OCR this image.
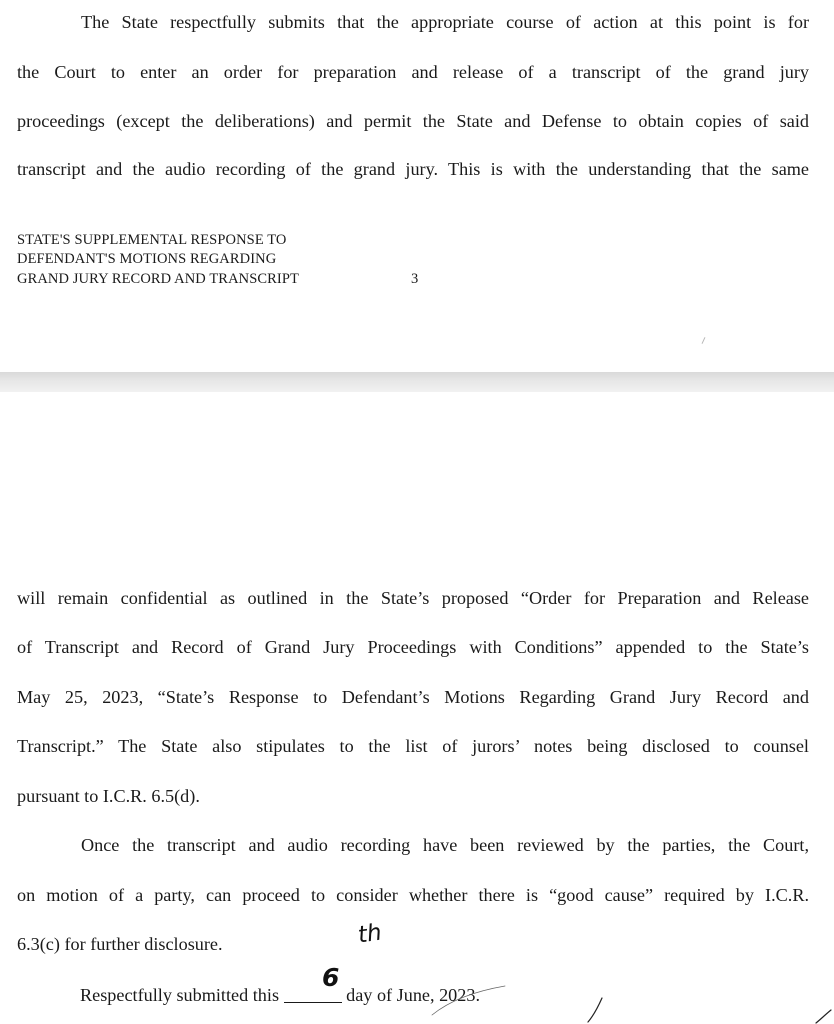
The State respectfully submits that the appropriate course of action at this point is for
the Court to enter an order for preparation and release of a transcript of the grand jury
proceedings (except the deliberations) and permit the State and Defense to obtain copies of said
transcript and the audio recording of the grand jury. This is with the understanding that the same
STATE'S SUPPLEMENTAL RESPONSE TO
DEFENDANT'S MOTIONS REGARDING
GRAND JURY RECORD AND TRANSCRIPT	3
will remain confidential as outlined in the State’s proposed “Order for Preparation and Release
of Transcript and Record of Grand Jury Proceedings with Conditions” appended to the State’s
May 25, 2023, “State’s Response to Defendant’s Motions Regarding Grand Jury Record and
Transcript.” The State also stipulates to the list of jurors’ notes being disclosed to counsel
pursuant to I.C.R. 6.5(d).
Once the transcript and audio recording have been reviewed by the parties, the Court,
on motion of a party, can proceed to consider whether there is “good cause” required by I.C.R.
6.3(c) for further disclosure.
Respectfully submitted this	day of June, 2023.
6
th
